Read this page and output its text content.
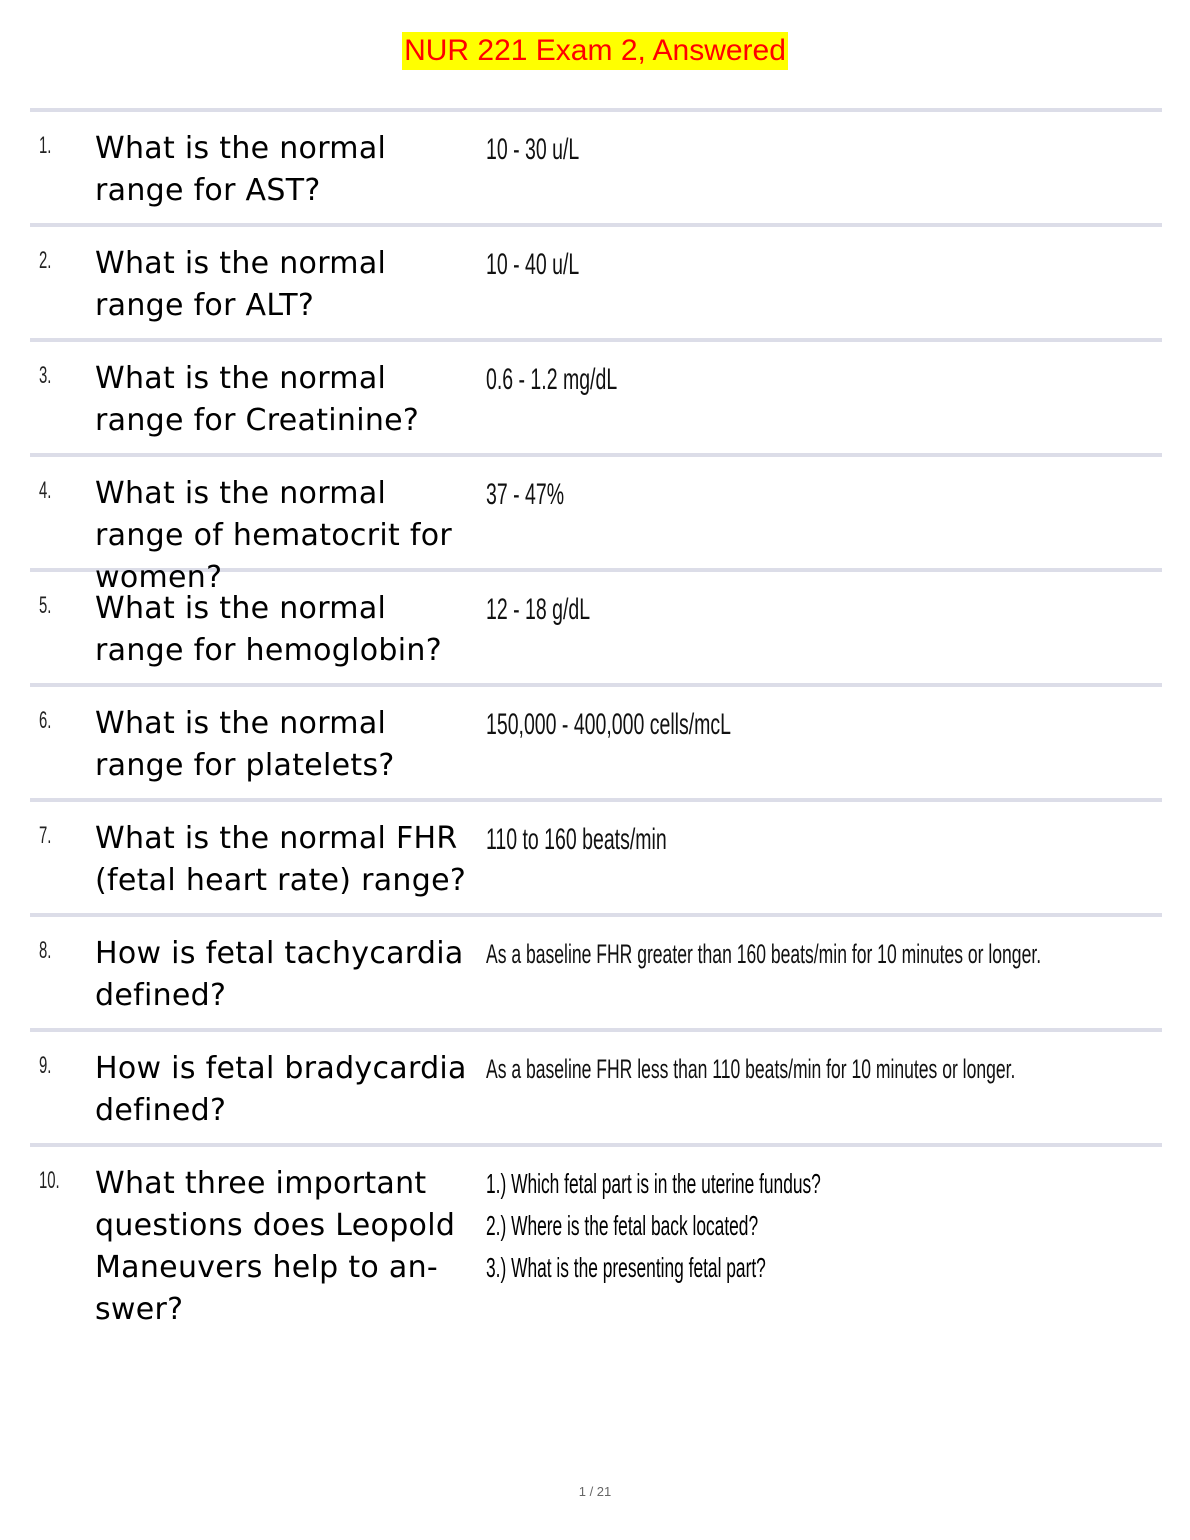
NUR 221 Exam 2, Answered
1. What is the normal range for AST?
10 - 30 u/L
2. What is the normal range for ALT?
10 - 40 u/L
3. What is the normal range for Creatinine?
0.6 - 1.2 mg/dL
4. What is the normal range of hematocrit for women?
37 - 47%
5. What is the normal range for hemoglobin?
12 - 18 g/dL
6. What is the normal range for platelets?
150,000 - 400,000 cells/mcL
7. What is the normal FHR (fetal heart rate) range?
110 to 160 beats/min
8. How is fetal tachycardia defined?
As a baseline FHR greater than 160 beats/min for 10 minutes or longer.
9. How is fetal bradycardia defined?
As a baseline FHR less than 110 beats/min for 10 minutes or longer.
10. What three important questions does Leopold Maneuvers help to an- swer?
1.) Which fetal part is in the uterine fundus?
2.) Where is the fetal back located?
3.) What is the presenting fetal part?
1 / 21
